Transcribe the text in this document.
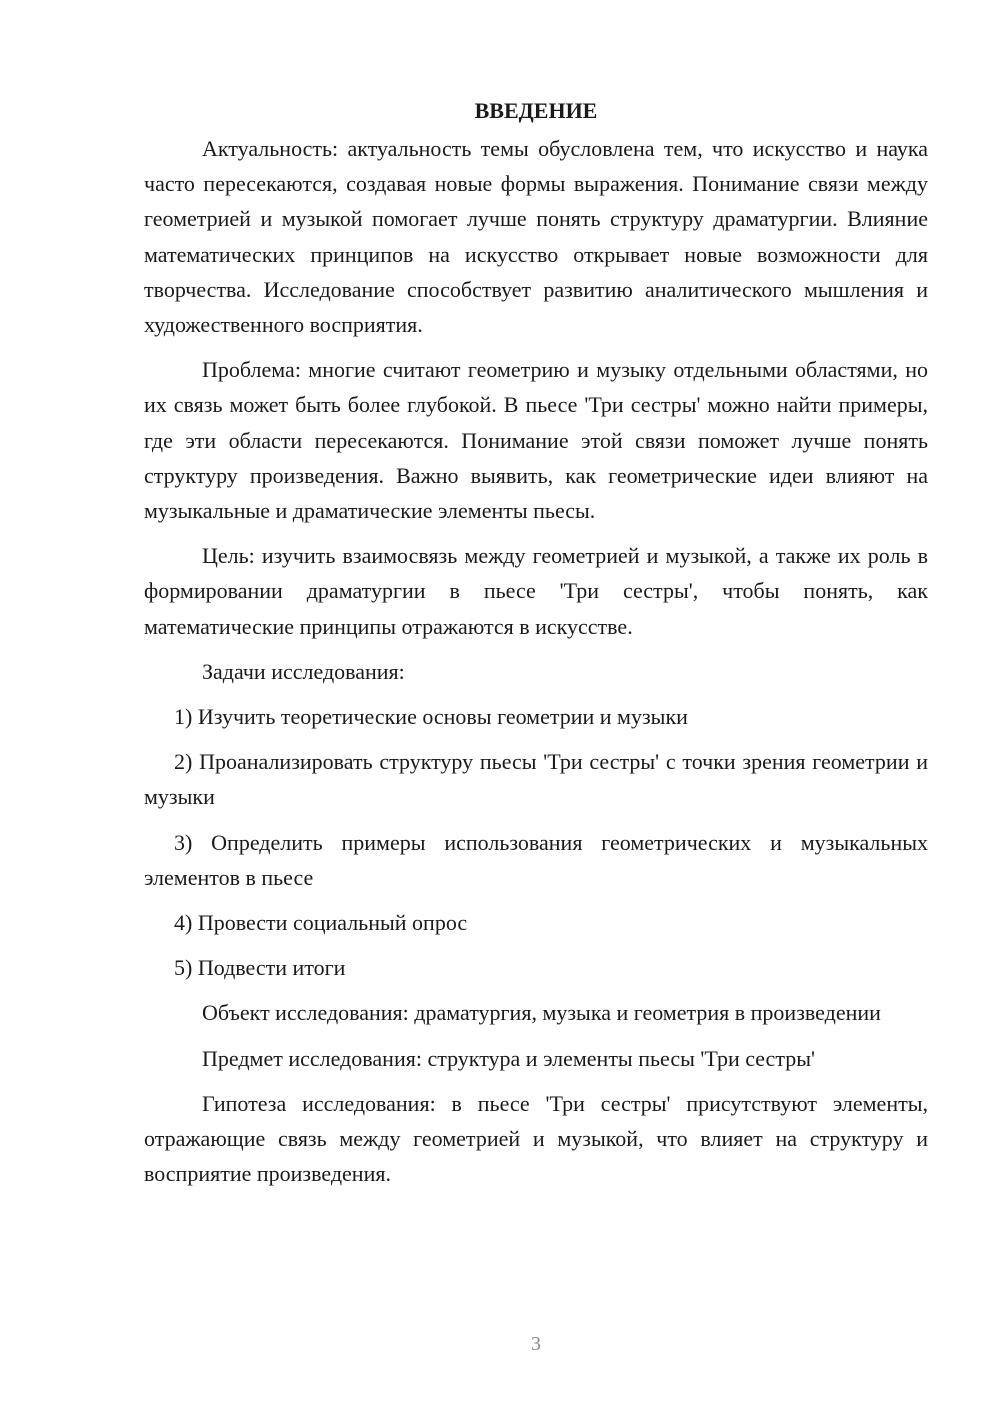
ВВЕДЕНИЕ

Актуальность: актуальность темы обусловлена тем, что искусство и наука часто пересекаются, создавая новые формы выражения. Понимание связи между геометрией и музыкой помогает лучше понять структуру драматургии. Влияние математических принципов на искусство открывает новые возможности для творчества. Исследование способствует развитию аналитического мышления и художественного восприятия.

Проблема: многие считают геометрию и музыку отдельными областями, но их связь может быть более глубокой. В пьесе 'Три сестры' можно найти примеры, где эти области пересекаются. Понимание этой связи поможет лучше понять структуру произведения. Важно выявить, как геометрические идеи влияют на музыкальные и драматические элементы пьесы.

Цель: изучить взаимосвязь между геометрией и музыкой, а также их роль в формировании драматургии в пьесе 'Три сестры', чтобы понять, как математические принципы отражаются в искусстве.

Задачи исследования:

1) Изучить теоретические основы геометрии и музыки

2) Проанализировать структуру пьесы 'Три сестры' с точки зрения геометрии и музыки

3) Определить примеры использования геометрических и музыкальных элементов в пьесе

4) Провести социальный опрос

5) Подвести итоги

Объект исследования: драматургия, музыка и геометрия в произведении

Предмет исследования: структура и элементы пьесы 'Три сестры'

Гипотеза исследования: в пьесе 'Три сестры' присутствуют элементы, отражающие связь между геометрией и музыкой, что влияет на структуру и восприятие произведения.

3
